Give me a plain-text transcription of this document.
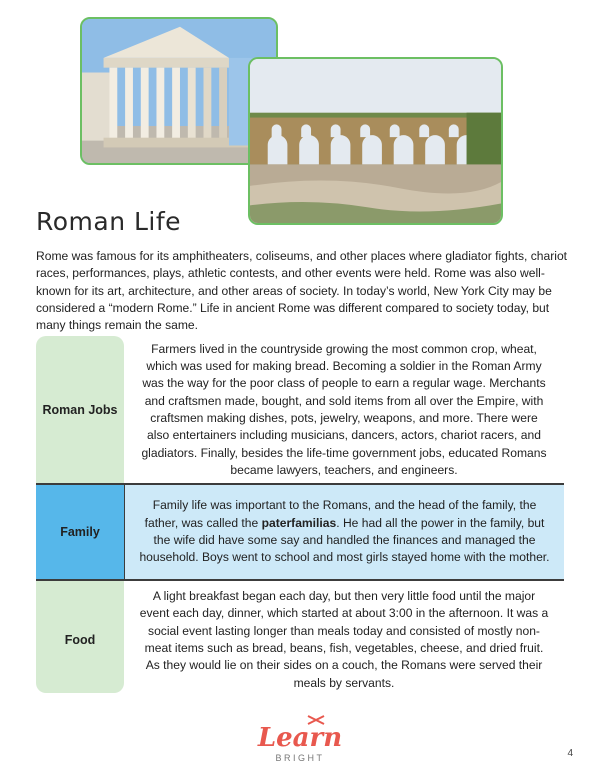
Roman Life

Rome was famous for its amphitheaters, coliseums, and other places where gladiator fights, chariot races, performances, plays, athletic contests, and other events were held. Rome was also well-known for its art, architecture, and other areas of society. In today’s world, New York City may be considered a “modern Rome.” Life in ancient Rome was different compared to society today, but many things remain the same.

Roman Jobs
Farmers lived in the countryside growing the most common crop, wheat, which was used for making bread. Becoming a soldier in the Roman Army was the way for the poor class of people to earn a regular wage. Merchants and craftsmen made, bought, and sold items from all over the Empire, with craftsmen making dishes, pots, jewelry, weapons, and more. There were also entertainers including musicians, dancers, actors, chariot racers, and gladiators. Finally, besides the life-time government jobs, educated Romans became lawyers, teachers, and engineers.
Family
Family life was important to the Romans, and the head of the family, the father, was called the paterfamilias. He had all the power in the family, but the wife did have some say and handled the finances and managed the household. Boys went to school and most girls stayed home with the mother.
Food
A light breakfast began each day, but then very little food until the major event each day, dinner, which started at about 3:00 in the afternoon. It was a social event lasting longer than meals today and consisted of mostly non-meat items such as bread, beans, fish, vegetables, cheese, and dried fruit. As they would lie on their sides on a couch, the Romans were served their meals by servants.
Learn
BRIGHT	4
